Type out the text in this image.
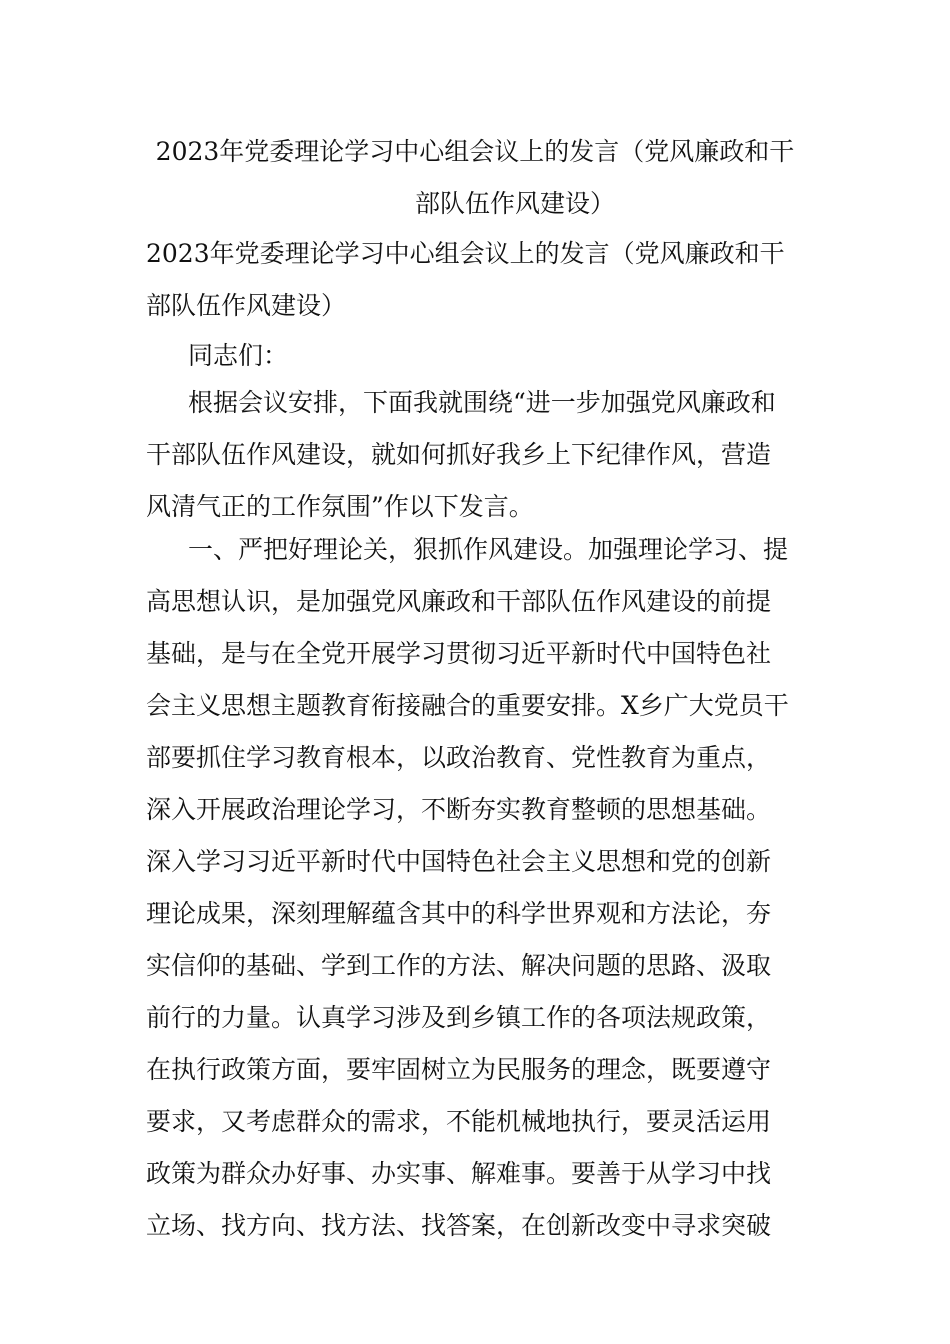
2023年党委理论学习中心组会议上的发言（党风廉政和干
部队伍作风建设）
2023年党委理论学习中心组会议上的发言（党风廉政和干
部队伍作风建设）
同志们：
根据会议安排，下面我就围绕“进一步加强党风廉政和
干部队伍作风建设，就如何抓好我乡上下纪律作风，营造
风清气正的工作氛围”作以下发言。
一、严把好理论关，狠抓作风建设。加强理论学习、提
高思想认识，是加强党风廉政和干部队伍作风建设的前提
基础，是与在全党开展学习贯彻习近平新时代中国特色社
会主义思想主题教育衔接融合的重要安排。X乡广大党员干
部要抓住学习教育根本，以政治教育、党性教育为重点，
深入开展政治理论学习，不断夯实教育整顿的思想基础。
深入学习习近平新时代中国特色社会主义思想和党的创新
理论成果，深刻理解蕴含其中的科学世界观和方法论，夯
实信仰的基础、学到工作的方法、解决问题的思路、汲取
前行的力量。认真学习涉及到乡镇工作的各项法规政策，
在执行政策方面，要牢固树立为民服务的理念，既要遵守
要求，又考虑群众的需求，不能机械地执行，要灵活运用
政策为群众办好事、办实事、解难事。要善于从学习中找
立场、找方向、找方法、找答案，在创新改变中寻求突破
